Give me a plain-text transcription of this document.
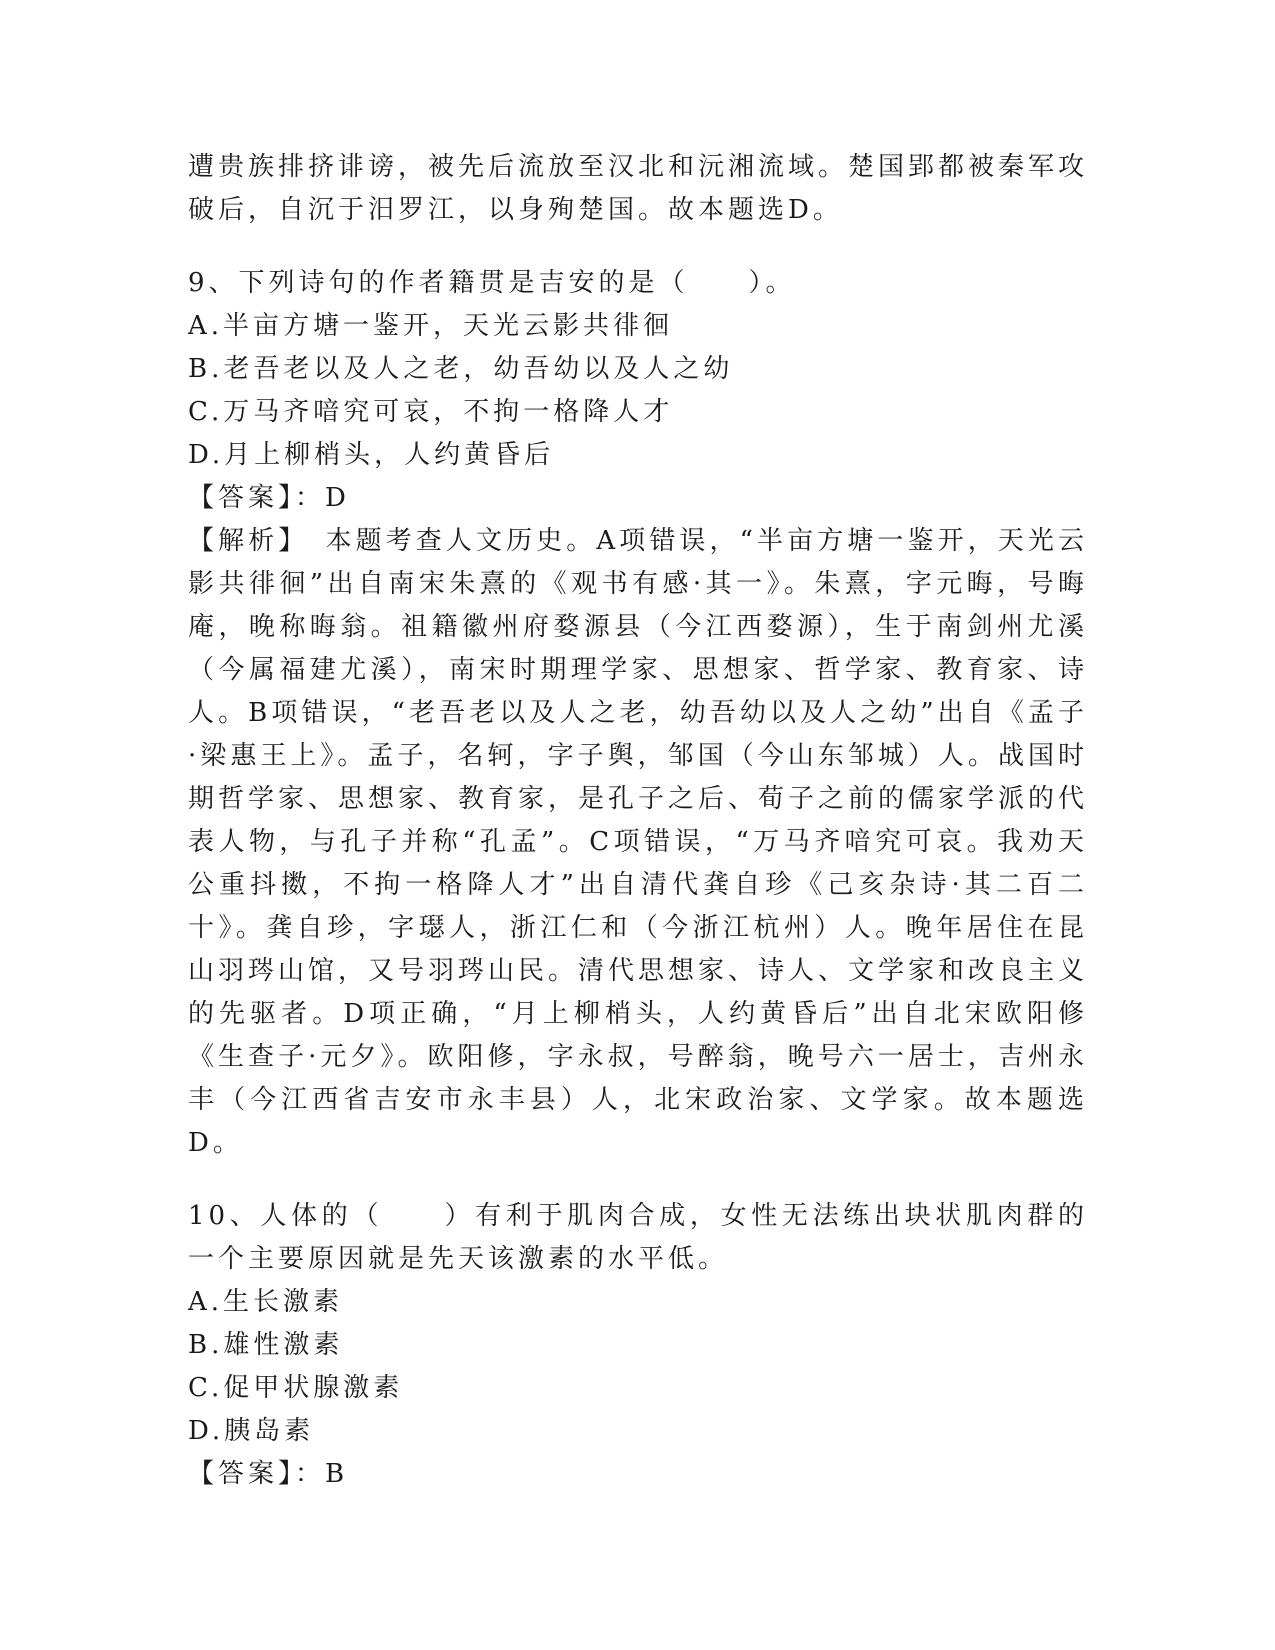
遭贵族排挤诽谤，被先后流放至汉北和沅湘流域。楚国郢都被秦军攻破后，自沉于汨罗江，以身殉楚国。故本题选D。

9、下列诗句的作者籍贯是吉安的是（　　）。

A.半亩方塘一鉴开，天光云影共徘徊

B.老吾老以及人之老，幼吾幼以及人之幼

C.万马齐喑究可哀，不拘一格降人才

D.月上柳梢头，人约黄昏后

【答案】：D

【解析】　本题考查人文历史。A项错误，“半亩方塘一鉴开，天光云影共徘徊”出自南宋朱熹的《观书有感·其一》。朱熹，字元晦，号晦庵，晚称晦翁。祖籍徽州府婺源县（今江西婺源），生于南剑州尤溪（今属福建尤溪），南宋时期理学家、思想家、哲学家、教育家、诗人。B项错误，“老吾老以及人之老，幼吾幼以及人之幼”出自《孟子·梁惠王上》。孟子，名轲，字子舆，邹国（今山东邹城）人。战国时期哲学家、思想家、教育家，是孔子之后、荀子之前的儒家学派的代表人物，与孔子并称“孔孟”。C项错误，“万马齐喑究可哀。我劝天公重抖擞，不拘一格降人才”出自清代龚自珍《己亥杂诗·其二百二十》。龚自珍，字璱人，浙江仁和（今浙江杭州）人。晚年居住在昆山羽琌山馆，又号羽琌山民。清代思想家、诗人、文学家和改良主义的先驱者。D项正确，“月上柳梢头，人约黄昏后”出自北宋欧阳修《生查子·元夕》。欧阳修，字永叔，号醉翁，晚号六一居士，吉州永丰（今江西省吉安市永丰县）人，北宋政治家、文学家。故本题选D。

10、人体的（　　）有利于肌肉合成，女性无法练出块状肌肉群的一个主要原因就是先天该激素的水平低。

A.生长激素

B.雄性激素

C.促甲状腺激素

D.胰岛素

【答案】：B
